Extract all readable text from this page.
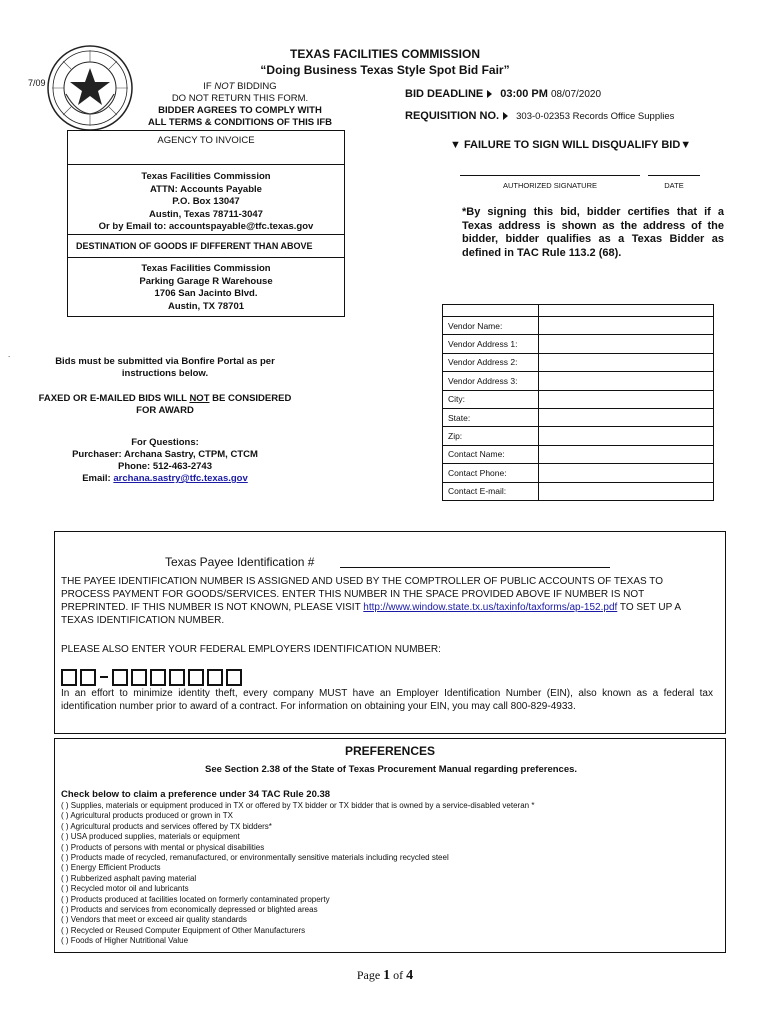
7/09
.
TEXAS FACILITIES COMMISSION
“Doing Business Texas Style Spot Bid Fair”
IF NOT BIDDING
DO NOT RETURN THIS FORM.
BIDDER AGREES TO COMPLY WITH
ALL TERMS & CONDITIONS OF THIS IFB
BID DEADLINE 03:00 PM 08/07/2020
REQUISITION NO. 303-0-02353 Records Office Supplies
▼ FAILURE TO SIGN WILL DISQUALIFY BID▼
AUTHORIZED SIGNATURE	DATE
*By signing this bid, bidder certifies that if a Texas address is shown as the address of the bidder, bidder qualifies as a Texas Bidder as defined in TAC Rule 113.2 (68).
AGENCY TO INVOICE
Texas Facilities Commission
ATTN: Accounts Payable
P.O. Box 13047
Austin, Texas 78711-3047
Or by Email to: accountspayable@tfc.texas.gov
DESTINATION OF GOODS IF DIFFERENT THAN ABOVE
Texas Facilities Commission
Parking Garage R Warehouse
1706 San Jacinto Blvd.
Austin, TX 78701

Bids must be submitted via Bonfire Portal as per
instructions below.

FAXED OR E-MAILED BIDS WILL NOT BE CONSIDERED
FOR AWARD

For Questions:
Purchaser: Archana Sastry, CTPM, CTCM
Phone: 512-463-2743
Email: archana.sastry@tfc.texas.gov

Vendor Name:	
Vendor Address 1:	
Vendor Address 2:	
Vendor Address 3:	
City:	
State:	
Zip:	
Contact Name:	
Contact Phone:	
Contact E-mail:	
Texas Payee Identification #
THE PAYEE IDENTIFICATION NUMBER IS ASSIGNED AND USED BY THE COMPTROLLER OF PUBLIC ACCOUNTS OF TEXAS TO PROCESS PAYMENT FOR GOODS/SERVICES. ENTER THIS NUMBER IN THE SPACE PROVIDED ABOVE IF NUMBER IS NOT PREPRINTED. IF THIS NUMBER IS NOT KNOWN, PLEASE VISIT http://www.window.state.tx.us/taxinfo/taxforms/ap-152.pdf TO SET UP A TEXAS IDENTIFICATION NUMBER.
PLEASE ALSO ENTER YOUR FEDERAL EMPLOYERS IDENTIFICATION NUMBER:
In an effort to minimize identity theft, every company MUST have an Employer Identification Number (EIN), also known as a federal tax identification number prior to award of a contract. For information on obtaining your EIN, you may call 800-829-4933.
PREFERENCES
See Section 2.38 of the State of Texas Procurement Manual regarding preferences.
Check below to claim a preference under 34 TAC Rule 20.38
( ) Supplies, materials or equipment produced in TX or offered by TX bidder or TX bidder that is owned by a service-disabled veteran *
( ) Agricultural products produced or grown in TX
( ) Agricultural products and services offered by TX bidders*
( ) USA produced supplies, materials or equipment
( ) Products of persons with mental or physical disabilities
( ) Products made of recycled, remanufactured, or environmentally sensitive materials including recycled steel
( ) Energy Efficient Products
( ) Rubberized asphalt paving material
( ) Recycled motor oil and lubricants
( ) Products produced at facilities located on formerly contaminated property
( ) Products and services from economically depressed or blighted areas
( ) Vendors that meet or exceed air quality standards
( ) Recycled or Reused Computer Equipment of Other Manufacturers
( ) Foods of Higher Nutritional Value
Page 1 of 4
